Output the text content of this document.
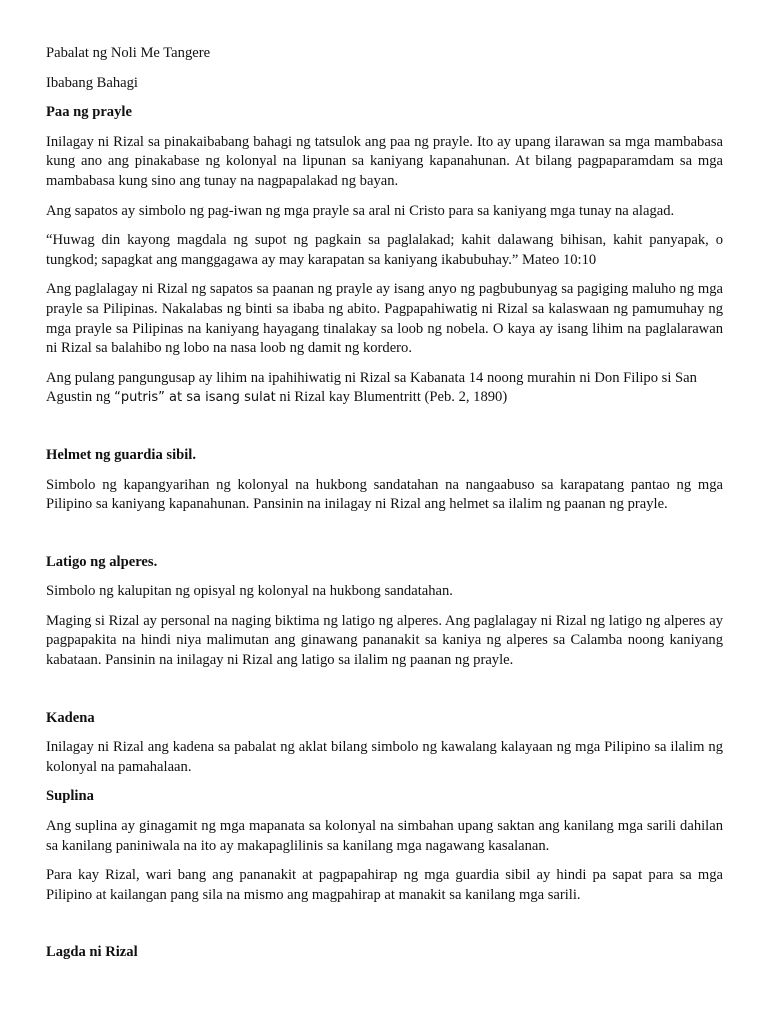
Pabalat ng Noli Me Tangere

Ibabang Bahagi

Paa ng prayle

Inilagay ni Rizal sa pinakaibabang bahagi ng tatsulok ang paa ng prayle. Ito ay upang ilarawan sa mga mambabasa kung ano ang pinakabase ng kolonyal na lipunan sa kaniyang kapanahunan. At bilang pagpaparamdam sa mga mambabasa kung sino ang tunay na nagpapalakad ng bayan.

Ang sapatos ay simbolo ng pag-iwan ng mga prayle sa aral ni Cristo para sa kaniyang mga tunay na alagad.

“Huwag din kayong magdala ng supot ng pagkain sa paglalakad; kahit dalawang bihisan, kahit panyapak, o tungkod; sapagkat ang manggagawa ay may karapatan sa kaniyang ikabubuhay.” Mateo 10:10

Ang paglalagay ni Rizal ng sapatos sa paanan ng prayle ay isang anyo ng pagbubunyag sa pagiging maluho ng mga prayle sa Pilipinas. Nakalabas ng binti sa ibaba ng abito. Pagpapahiwatig ni Rizal sa kalaswaan ng pamumuhay ng mga prayle sa Pilipinas na kaniyang hayagang tinalakay sa loob ng nobela. O kaya ay isang lihim na paglalarawan ni Rizal sa balahibo ng lobo na nasa loob ng damit ng kordero.

Ang pulang pangungusap ay lihim na ipahihiwatig ni Rizal sa Kabanata 14 noong murahin ni Don Filipo si San Agustin ng “putris” at sa isang sulat ni Rizal kay Blumentritt (Peb. 2, 1890)

Helmet ng guardia sibil.

Simbolo ng kapangyarihan ng kolonyal na hukbong sandatahan na nangaabuso sa karapatang pantao ng mga Pilipino sa kaniyang kapanahunan. Pansinin na inilagay ni Rizal ang helmet sa ilalim ng paanan ng prayle.

Latigo ng alperes.

Simbolo ng kalupitan ng opisyal ng kolonyal na hukbong sandatahan.

Maging si Rizal ay personal na naging biktima ng latigo ng alperes. Ang paglalagay ni Rizal ng latigo ng alperes ay pagpapakita na hindi niya malimutan ang ginawang pananakit sa kaniya ng alperes sa Calamba noong kaniyang kabataan. Pansinin na inilagay ni Rizal ang latigo sa ilalim ng paanan ng prayle.

Kadena

Inilagay ni Rizal ang kadena sa pabalat ng aklat bilang simbolo ng kawalang kalayaan ng mga Pilipino sa ilalim ng kolonyal na pamahalaan.

Suplina

Ang suplina ay ginagamit ng mga mapanata sa kolonyal na simbahan upang saktan ang kanilang mga sarili dahilan sa kanilang paniniwala na ito ay makapaglilinis sa kanilang mga nagawang kasalanan.

Para kay Rizal, wari bang ang pananakit at pagpapahirap ng mga guardia sibil ay hindi pa sapat para sa mga Pilipino at kailangan pang sila na mismo ang magpahirap at manakit sa kanilang mga sarili.

Lagda ni Rizal
